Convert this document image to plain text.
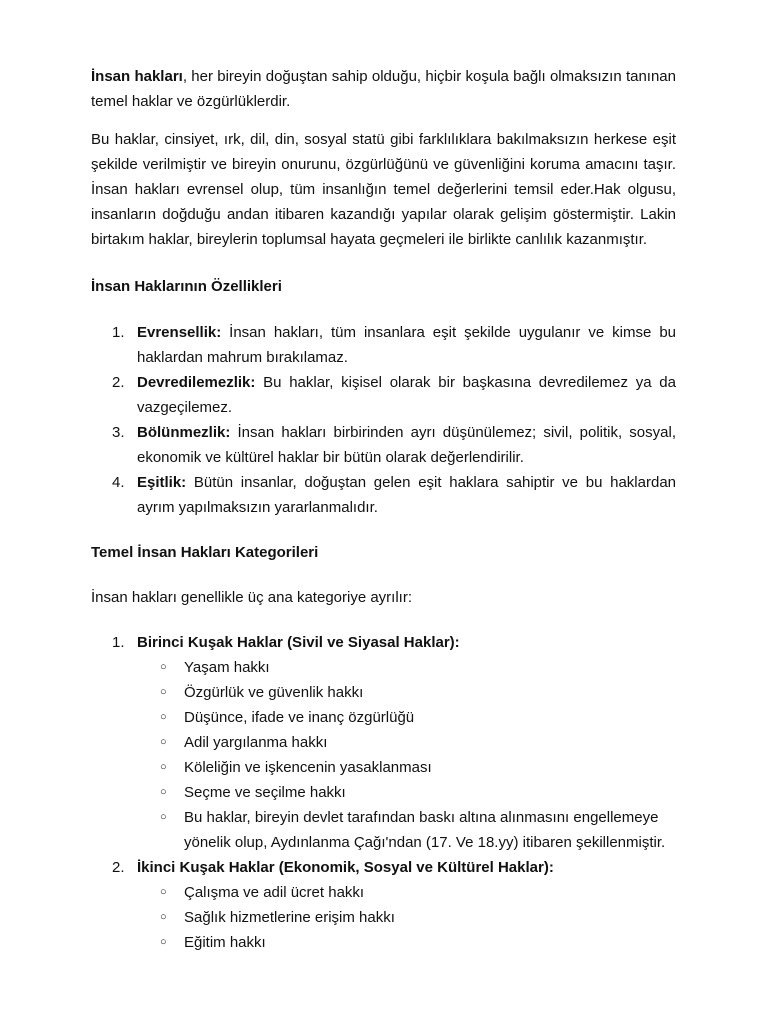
İnsan hakları, her bireyin doğuştan sahip olduğu, hiçbir koşula bağlı olmaksızın tanınan temel haklar ve özgürlüklerdir.

Bu haklar, cinsiyet, ırk, dil, din, sosyal statü gibi farklılıklara bakılmaksızın herkese eşit şekilde verilmiştir ve bireyin onurunu, özgürlüğünü ve güvenliğini koruma amacını taşır. İnsan hakları evrensel olup, tüm insanlığın temel değerlerini temsil eder.Hak olgusu, insanların doğduğu andan itibaren kazandığı yapılar olarak gelişim göstermiştir. Lakin birtakım haklar, bireylerin toplumsal hayata geçmeleri ile birlikte canlılık kazanmıştır.

İnsan Haklarının Özellikleri
1. Evrensellik: İnsan hakları, tüm insanlara eşit şekilde uygulanır ve kimse bu haklardan mahrum bırakılamaz.
2. Devredilemezlik: Bu haklar, kişisel olarak bir başkasına devredilemez ya da vazgeçilemez.
3. Bölünmezlik: İnsan hakları birbirinden ayrı düşünülemez; sivil, politik, sosyal, ekonomik ve kültürel haklar bir bütün olarak değerlendirilir.
4. Eşitlik: Bütün insanlar, doğuştan gelen eşit haklara sahiptir ve bu haklardan ayrım yapılmaksızın yararlanmalıdır.
Temel İnsan Hakları Kategorileri

İnsan hakları genellikle üç ana kategoriye ayrılır:

1. Birinci Kuşak Haklar (Sivil ve Siyasal Haklar):
○ Yaşam hakkı
○ Özgürlük ve güvenlik hakkı
○ Düşünce, ifade ve inanç özgürlüğü
○ Adil yargılanma hakkı
○ Köleliğin ve işkencenin yasaklanması
○ Seçme ve seçilme hakkı
○ Bu haklar, bireyin devlet tarafından baskı altına alınmasını engellemeye yönelik olup, Aydınlanma Çağı'ndan (17. Ve 18.yy) itibaren şekillenmiştir.
2. İkinci Kuşak Haklar (Ekonomik, Sosyal ve Kültürel Haklar):
○ Çalışma ve adil ücret hakkı
○ Sağlık hizmetlerine erişim hakkı
○ Eğitim hakkı
